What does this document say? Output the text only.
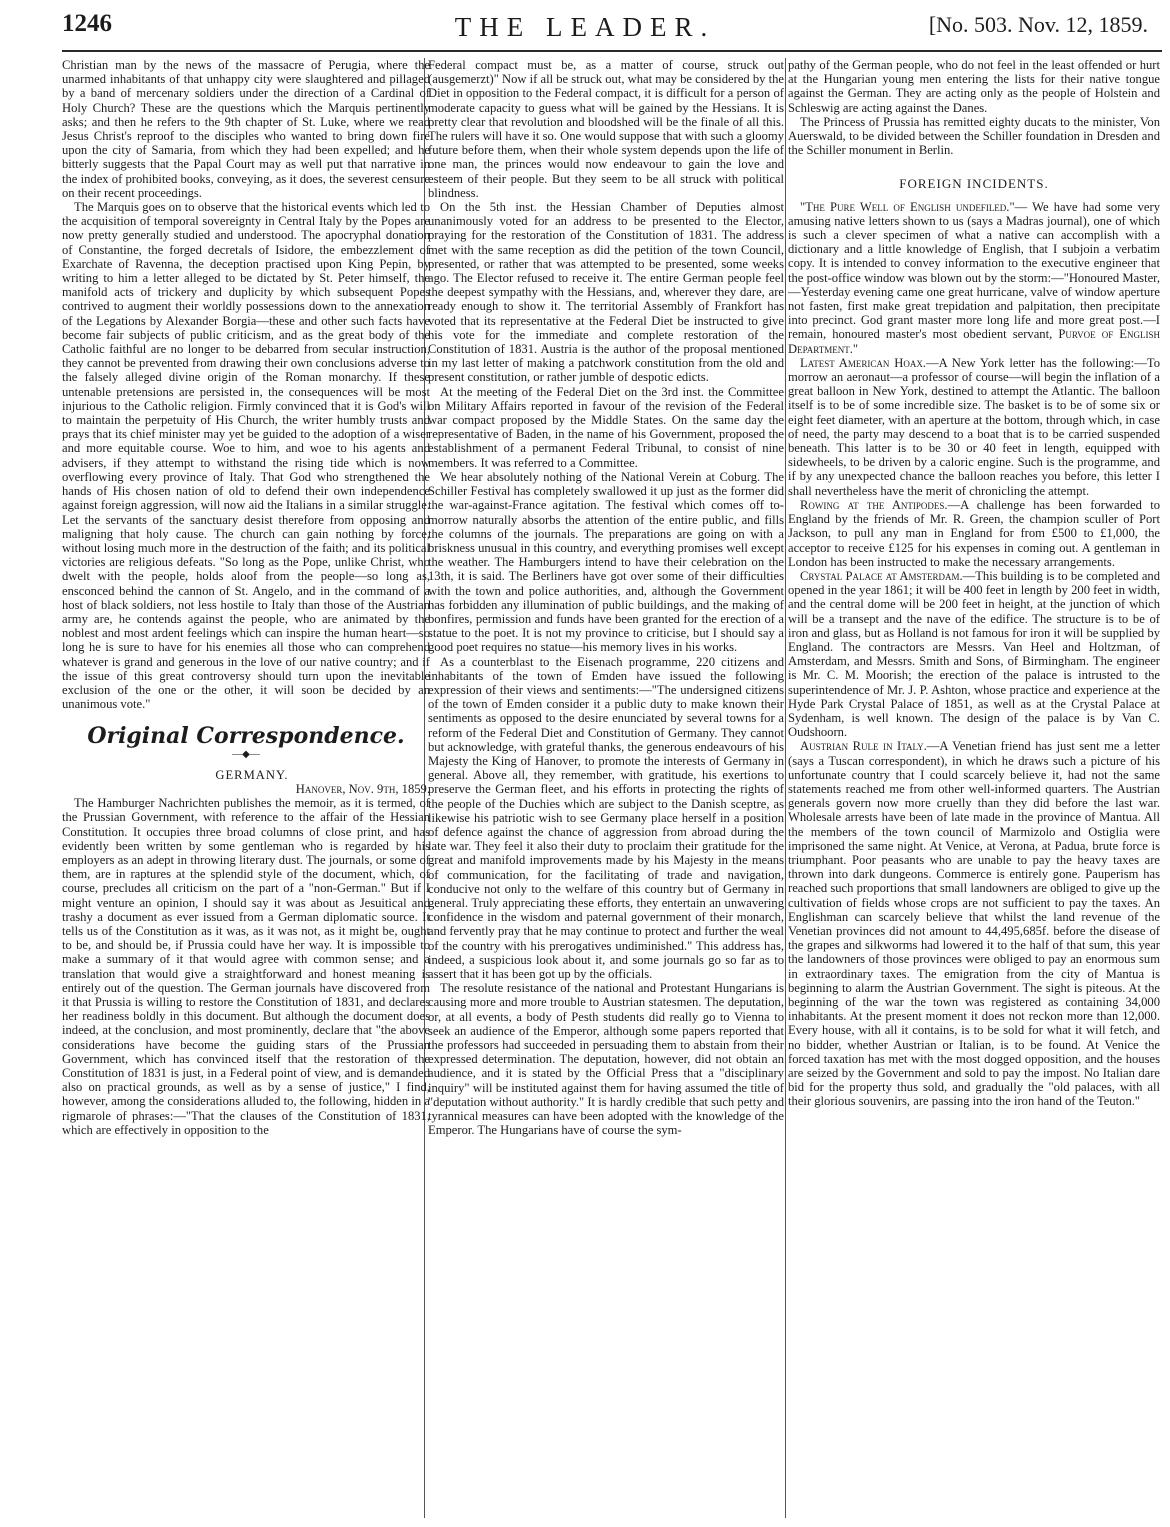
1246	THE LEADER.	[No. 503. Nov. 12, 1859.

Christian man by the news of the massacre of Perugia, where the unarmed inhabitants of that unhappy city were slaughtered and pillaged by a band of mercenary soldiers under the direction of a Cardinal of Holy Church? These are the questions which the Marquis pertinently asks; and then he refers to the 9th chapter of St. Luke, where we read Jesus Christ's reproof to the disciples who wanted to bring down fire upon the city of Samaria, from which they had been expelled; and he bitterly suggests that the Papal Court may as well put that narrative in the index of prohibited books, conveying, as it does, the severest censure on their recent proceedings.

The Marquis goes on to observe that the historical events which led to the acquisition of temporal sovereignty in Central Italy by the Popes are now pretty generally studied and understood. The apocryphal donation of Constantine, the forged decretals of Isidore, the embezzlement of Exarchate of Ravenna, the deception practised upon King Pepin, by writing to him a letter alleged to be dictated by St. Peter himself, the manifold acts of trickery and duplicity by which subsequent Popes contrived to augment their worldly possessions down to the annexation of the Legations by Alexander Borgia—these and other such facts have become fair subjects of public criticism, and as the great body of the Catholic faithful are no longer to be debarred from secular instruction, they cannot be prevented from drawing their own conclusions adverse to the falsely alleged divine origin of the Roman monarchy. If these untenable pretensions are persisted in, the consequences will be most injurious to the Catholic religion. Firmly convinced that it is God's will to maintain the perpetuity of His Church, the writer humbly trusts and prays that its chief minister may yet be guided to the adoption of a wiser and more equitable course. Woe to him, and woe to his agents and advisers, if they attempt to withstand the rising tide which is now overflowing every province of Italy. That God who strengthened the hands of His chosen nation of old to defend their own independence against foreign aggression, will now aid the Italians in a similar struggle. Let the servants of the sanctuary desist therefore from opposing and maligning that holy cause. The church can gain nothing by force, without losing much more in the destruction of the faith; and its political victories are religious defeats. "So long as the Pope, unlike Christ, who dwelt with the people, holds aloof from the people—so long as, ensconced behind the cannon of St. Angelo, and in the command of a host of black soldiers, not less hostile to Italy than those of the Austrian army are, he contends against the people, who are animated by the noblest and most ardent feelings which can inspire the human heart—so long he is sure to have for his enemies all those who can comprehend whatever is grand and generous in the love of our native country; and if the issue of this great controversy should turn upon the inevitable exclusion of the one or the other, it will soon be decided by an unanimous vote."

Original Correspondence.
—◆—

GERMANY.

Hanover, Nov. 9th, 1859.

The Hamburger Nachrichten publishes the memoir, as it is termed, of the Prussian Government, with reference to the affair of the Hessian Constitution. It occupies three broad columns of close print, and has evidently been written by some gentleman who is regarded by his employers as an adept in throwing literary dust. The journals, or some of them, are in raptures at the splendid style of the document, which, of course, precludes all criticism on the part of a "non-German." But if I might venture an opinion, I should say it was about as Jesuitical and trashy a document as ever issued from a German diplomatic source. It tells us of the Constitution as it was, as it was not, as it might be, ought to be, and should be, if Prussia could have her way. It is impossible to make a summary of it that would agree with common sense; and a translation that would give a straightforward and honest meaning is entirely out of the question. The German journals have discovered from it that Prussia is willing to restore the Constitution of 1831, and declares her readiness boldly in this document. But although the document does indeed, at the conclusion, and most prominently, declare that "the above considerations have become the guiding stars of the Prussian Government, which has convinced itself that the restoration of the Constitution of 1831 is just, in a Federal point of view, and is demanded also on practical grounds, as well as by a sense of justice," I find, however, among the considerations alluded to, the following, hidden in a rigmarole of phrases:—"That the clauses of the Constitution of 1831, which are effectively in opposition to the

Federal compact must be, as a matter of course, struck out (ausgemerzt)" Now if all be struck out, what may be considered by the Diet in opposition to the Federal compact, it is difficult for a person of moderate capacity to guess what will be gained by the Hessians. It is pretty clear that revolution and bloodshed will be the finale of all this. The rulers will have it so. One would suppose that with such a gloomy future before them, when their whole system depends upon the life of one man, the princes would now endeavour to gain the love and esteem of their people. But they seem to be all struck with political blindness.

On the 5th inst. the Hessian Chamber of Deputies almost unanimously voted for an address to be presented to the Elector, praying for the restoration of the Constitution of 1831. The address met with the same reception as did the petition of the town Council, presented, or rather that was attempted to be presented, some weeks ago. The Elector refused to receive it. The entire German people feel the deepest sympathy with the Hessians, and, wherever they dare, are ready enough to show it. The territorial Assembly of Frankfort has voted that its representative at the Federal Diet be instructed to give his vote for the immediate and complete restoration of the Constitution of 1831. Austria is the author of the proposal mentioned in my last letter of making a patchwork constitution from the old and present constitution, or rather jumble of despotic edicts.

At the meeting of the Federal Diet on the 3rd inst. the Committee on Military Affairs reported in favour of the revision of the Federal war compact proposed by the Middle States. On the same day the representative of Baden, in the name of his Government, proposed the establishment of a permanent Federal Tribunal, to consist of nine members. It was referred to a Committee.

We hear absolutely nothing of the National Verein at Coburg. The Schiller Festival has completely swallowed it up just as the former did the war-against-France agitation. The festival which comes off to-morrow naturally absorbs the attention of the entire public, and fills the columns of the journals. The preparations are going on with a briskness unusual in this country, and everything promises well except the weather. The Hamburgers intend to have their celebration on the 13th, it is said. The Berliners have got over some of their difficulties with the town and police authorities, and, although the Government has forbidden any illumination of public buildings, and the making of bonfires, permission and funds have been granted for the erection of a statue to the poet. It is not my province to criticise, but I should say a good poet requires no statue—his memory lives in his works.

As a counterblast to the Eisenach programme, 220 citizens and inhabitants of the town of Emden have issued the following expression of their views and sentiments:—"The undersigned citizens of the town of Emden consider it a public duty to make known their sentiments as opposed to the desire enunciated by several towns for a reform of the Federal Diet and Constitution of Germany. They cannot but acknowledge, with grateful thanks, the generous endeavours of his Majesty the King of Hanover, to promote the interests of Germany in general. Above all, they remember, with gratitude, his exertions to preserve the German fleet, and his efforts in protecting the rights of the people of the Duchies which are subject to the Danish sceptre, as likewise his patriotic wish to see Germany place herself in a position of defence against the chance of aggression from abroad during the late war. They feel it also their duty to proclaim their gratitude for the great and manifold improvements made by his Majesty in the means of communication, for the facilitating of trade and navigation, conducive not only to the welfare of this country but of Germany in general. Truly appreciating these efforts, they entertain an unwavering confidence in the wisdom and paternal government of their monarch, and fervently pray that he may continue to protect and further the weal of the country with his prerogatives undiminished." This address has, indeed, a suspicious look about it, and some journals go so far as to assert that it has been got up by the officials.

The resolute resistance of the national and Protestant Hungarians is causing more and more trouble to Austrian statesmen. The deputation, or, at all events, a body of Pesth students did really go to Vienna to seek an audience of the Emperor, although some papers reported that the professors had succeeded in persuading them to abstain from their expressed determination. The deputation, however, did not obtain an audience, and it is stated by the Official Press that a "disciplinary inquiry" will be instituted against them for having assumed the title of "deputation without authority." It is hardly credible that such petty and tyrannical measures can have been adopted with the knowledge of the Emperor. The Hungarians have of course the sym-

pathy of the German people, who do not feel in the least offended or hurt at the Hungarian young men entering the lists for their native tongue against the German. They are acting only as the people of Holstein and Schleswig are acting against the Danes.

The Princess of Prussia has remitted eighty ducats to the minister, Von Auerswald, to be divided between the Schiller foundation in Dresden and the Schiller monument in Berlin.

FOREIGN INCIDENTS.

"The Pure Well of English undefiled."— We have had some very amusing native letters shown to us (says a Madras journal), one of which is such a clever specimen of what a native can accomplish with a dictionary and a little knowledge of English, that I subjoin a verbatim copy. It is intended to convey information to the executive engineer that the post-office window was blown out by the storm:—"Honoured Master,—Yesterday evening came one great hurricane, valve of window aperture not fasten, first make great trepidation and palpitation, then precipitate into precinct. God grant master more long life and more great post.—I remain, honoured master's most obedient servant, Purvoe of English Department."

Latest American Hoax.—A New York letter has the following:—To morrow an aeronaut—a professor of course—will begin the inflation of a great balloon in New York, destined to attempt the Atlantic. The balloon itself is to be of some incredible size. The basket is to be of some six or eight feet diameter, with an aperture at the bottom, through which, in case of need, the party may descend to a boat that is to be carried suspended beneath. This latter is to be 30 or 40 feet in length, equipped with sidewheels, to be driven by a caloric engine. Such is the programme, and if by any unexpected chance the balloon reaches you before, this letter I shall nevertheless have the merit of chronicling the attempt.

Rowing at the Antipodes.—A challenge has been forwarded to England by the friends of Mr. R. Green, the champion sculler of Port Jackson, to pull any man in England for from £500 to £1,000, the acceptor to receive £125 for his expenses in coming out. A gentleman in London has been instructed to make the necessary arrangements.

Crystal Palace at Amsterdam.—This building is to be completed and opened in the year 1861; it will be 400 feet in length by 200 feet in width, and the central dome will be 200 feet in height, at the junction of which will be a transept and the nave of the edifice. The structure is to be of iron and glass, but as Holland is not famous for iron it will be supplied by England. The contractors are Messrs. Van Heel and Holtzman, of Amsterdam, and Messrs. Smith and Sons, of Birmingham. The engineer is Mr. C. M. Moorish; the erection of the palace is intrusted to the superintendence of Mr. J. P. Ashton, whose practice and experience at the Hyde Park Crystal Palace of 1851, as well as at the Crystal Palace at Sydenham, is well known. The design of the palace is by Van C. Oudshoorn.

Austrian Rule in Italy.—A Venetian friend has just sent me a letter (says a Tuscan correspondent), in which he draws such a picture of his unfortunate country that I could scarcely believe it, had not the same statements reached me from other well-informed quarters. The Austrian generals govern now more cruelly than they did before the last war. Wholesale arrests have been of late made in the province of Mantua. All the members of the town council of Marmizolo and Ostiglia were imprisoned the same night. At Venice, at Verona, at Padua, brute force is triumphant. Poor peasants who are unable to pay the heavy taxes are thrown into dark dungeons. Commerce is entirely gone. Pauperism has reached such proportions that small landowners are obliged to give up the cultivation of fields whose crops are not sufficient to pay the taxes. An Englishman can scarcely believe that whilst the land revenue of the Venetian provinces did not amount to 44,495,685f. before the disease of the grapes and silkworms had lowered it to the half of that sum, this year the landowners of those provinces were obliged to pay an enormous sum in extraordinary taxes. The emigration from the city of Mantua is beginning to alarm the Austrian Government. The sight is piteous. At the beginning of the war the town was registered as containing 34,000 inhabitants. At the present moment it does not reckon more than 12,000. Every house, with all it contains, is to be sold for what it will fetch, and no bidder, whether Austrian or Italian, is to be found. At Venice the forced taxation has met with the most dogged opposition, and the houses are seized by the Government and sold to pay the impost. No Italian dare bid for the property thus sold, and gradually the "old palaces, with all their glorious souvenirs, are passing into the iron hand of the Teuton."
